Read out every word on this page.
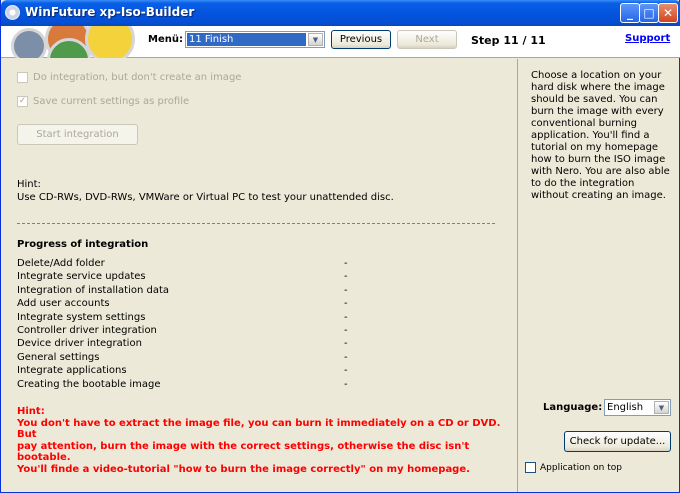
WinFuture xp-Iso-Builder	_ □ ✕
Menü: 11 Finish	▼	Previous	Next	Step 11 / 11	Support
Do integration, but don't create an image
✓ Save current settings as profile
Start integration
Hint:
Use CD-RWs, DVD-RWs, VMWare or Virtual PC to test your unattended disc.
Progress of integration
Delete/Add folder	-
Integrate service updates	-
Integration of installation data	-
Add user accounts	-
Integrate system settings	-
Controller driver integration	-
Device driver integration	-
General settings	-
Integrate applications	-
Creating the bootable image	-
Hint:
You don't have to extract the image file, you can burn it immediately on a CD or DVD. But
pay attention, burn the image with the correct settings, otherwise the disc isn't bootable.
You'll finde a video-tutorial "how to burn the image correctly" on my homepage.
Choose a location on your hard disk where the image should be saved. You can burn the image with every conventional burning application. You'll find a tutorial on my homepage how to burn the ISO image with Nero. You are also able to do the integration without creating an image.
Language: English	▼
Check for update...
Application on top
